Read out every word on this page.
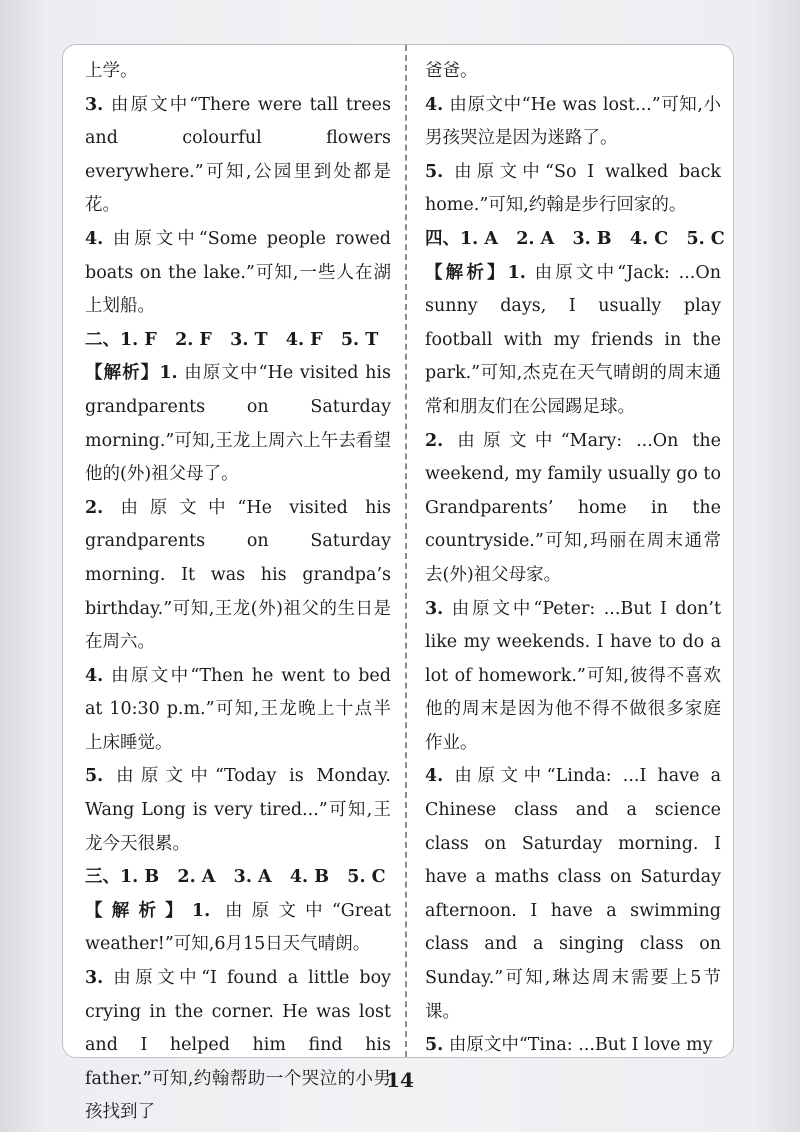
上学。

3. 由原文中“There were tall trees and colourful flowers everywhere.”可知,公园里到处都是花。

4. 由原文中“Some people rowed boats on the lake.”可知,一些人在湖上划船。

二、1. F   2. F   3. T   4. F   5. T

【解析】1. 由原文中“He visited his grandparents on Saturday morning.”可知,王龙上周六上午去看望他的(外)祖父母了。

2. 由原文中“He visited his grandparents on Saturday morning. It was his grandpa’s birthday.”可知,王龙(外)祖父的生日是在周六。

4. 由原文中“Then he went to bed at 10:30 p.m.”可知,王龙晚上十点半上床睡觉。

5. 由原文中“Today is Monday. Wang Long is very tired...”可知,王龙今天很累。

三、1. B   2. A   3. A   4. B   5. C

【解析】1. 由原文中“Great weather!”可知,6月15日天气晴朗。

3. 由原文中“I found a little boy crying in the corner. He was lost and I helped him find his father.”可知,约翰帮助一个哭泣的小男孩找到了

爸爸。

4. 由原文中“He was lost...”可知,小男孩哭泣是因为迷路了。

5. 由原文中“So I walked back home.”可知,约翰是步行回家的。

四、1. A   2. A   3. B   4. C   5. C

【解析】1. 由原文中“Jack: ...On sunny days, I usually play football with my friends in the park.”可知,杰克在天气晴朗的周末通常和朋友们在公园踢足球。

2. 由原文中“Mary: ...On the weekend, my family usually go to Grandparents’ home in the countryside.”可知,玛丽在周末通常去(外)祖父母家。

3. 由原文中“Peter: ...But I don’t like my weekends. I have to do a lot of homework.”可知,彼得不喜欢他的周末是因为他不得不做很多家庭作业。

4. 由原文中“Linda: ...I have a Chinese class and a science class on Saturday morning. I have a maths class on Saturday afternoon. I have a swimming class and a singing class on Sunday.”可知,琳达周末需要上5节课。

5. 由原文中“Tina: ...But I love my

14
